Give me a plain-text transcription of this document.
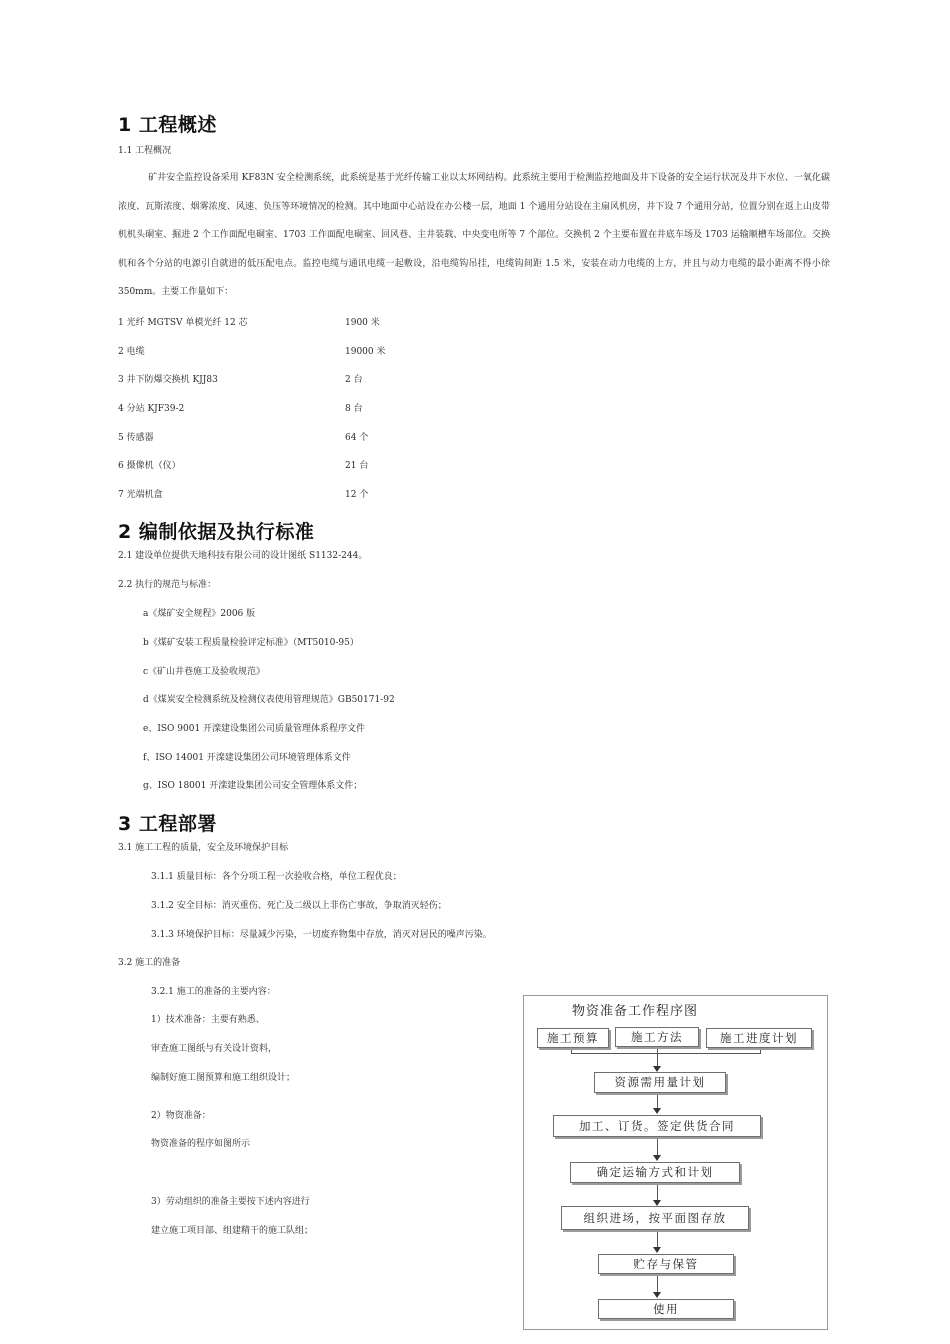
1 工程概述
1.1 工程概况
矿井安全监控设备采用 KF83N 安全检测系统，此系统是基于光纤传输工业以太环网结构。此系统主要用于检测监控地面及井下设备的安全运行状况及井下水位、一氧化碳浓度、瓦斯浓度、烟雾浓度、风速、负压等环境情况的检测。其中地面中心站设在办公楼一层，地面 1 个通用分站设在主扇风机房，井下设 7 个通用分站，位置分别在返上山皮带机机头硐室、掘进 2 个工作面配电硐室、1703 工作面配电硐室、回风巷、主井装载、中央变电所等 7 个部位。交换机 2 个主要布置在井底车场及 1703 运输顺槽车场部位。交换机和各个分站的电源引自就进的低压配电点。监控电缆与通讯电缆一起敷设，沿电缆钩吊挂，电缆钩间距 1.5 米，安装在动力电缆的上方，并且与动力电缆的最小距离不得小徐 350mm。主要工作量如下：
1 光纤 MGTSV 单模光纤 12 芯	1900 米
2 电缆	19000 米
3 井下防爆交换机 KJJ83	2 台
4 分站 KJF39-2	8 台
5 传感器	64 个
6 摄像机（仪）	21 台
7 光端机盒	12 个
2 编制依据及执行标准
2.1 建设单位提供天地科技有限公司的设计图纸 S1132-244。
2.2 执行的规范与标准：
a《煤矿安全规程》2006 版
b《煤矿安装工程质量检验评定标准》（MT5010-95）
c《矿山井巷施工及验收规范》
d《煤炭安全检测系统及检测仪表使用管理规范》GB50171-92
e、ISO 9001 开滦建设集团公司质量管理体系程序文件
f、ISO 14001 开滦建设集团公司环境管理体系文件
g、ISO 18001 开滦建设集团公司安全管理体系文件；
3 工程部署
3.1 施工工程的质量，安全及环境保护目标
3.1.1 质量目标：各个分项工程一次验收合格，单位工程优良；
3.1.2 安全目标：消灭重伤、死亡及二级以上非伤亡事故，争取消灭轻伤；
3.1.3 环境保护目标：尽量减少污染，一切废弃物集中存放，消灭对居民的噪声污染。
3.2 施工的准备
3.2.1 施工的准备的主要内容：
1）技术准备：主要有熟悉、
审查施工图纸与有关设计资料，
编制好施工图预算和施工组织设计；
2）物资准备：
物资准备的程序如图所示
3）劳动组织的准备主要按下述内容进行
建立施工项目部、组建精干的施工队组；
物资准备工作程序图
施工预算	施工方法	施工进度计划
资源需用量计划
加工、订货。签定供货合同
确定运输方式和计划
组织进场，按平面图存放
贮存与保管
使用
